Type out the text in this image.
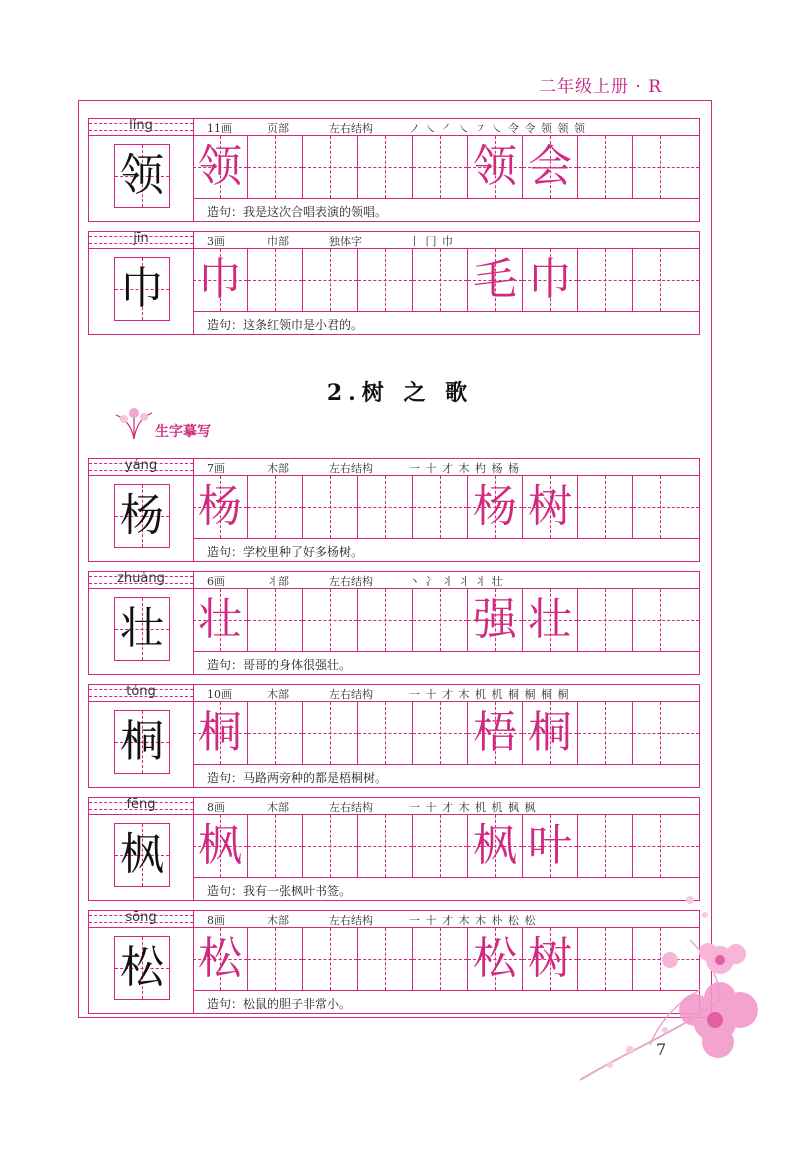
二年级上册 · R
2.树 之 歌
生字摹写
lǐng	11画	页部	左右结构	ノ ㇏ ㇒ ㇏ ㇇ ㇏ 令 令 领 领 领
领 领	领 会
造句：我是这次合唱表演的领唱。
jīn	3画	巾部	独体字	丨 冂 巾
巾 巾	毛 巾
造句：这条红领巾是小君的。
yáng	7画	木部	左右结构	一 十 才 木 杓 杨 杨
杨 杨	杨 树
造句：学校里种了好多杨树。
zhuàng	6画	丬部	左右结构	丶 冫 丬 丬 丬 壮
壮 壮	强 壮
造句：哥哥的身体很强壮。
tóng	10画	木部	左右结构	一 十 才 木 机 机 桐 桐 桐 桐
桐 桐	梧 桐
造句：马路两旁种的都是梧桐树。
fēng	8画	木部	左右结构	一 十 才 木 机 机 枫 枫
枫 枫	枫 叶
造句：我有一张枫叶书签。
sōng	8画	木部	左右结构	一 十 才 木 木 朴 松 松
松 松	松 树
造句：松鼠的胆子非常小。
7
